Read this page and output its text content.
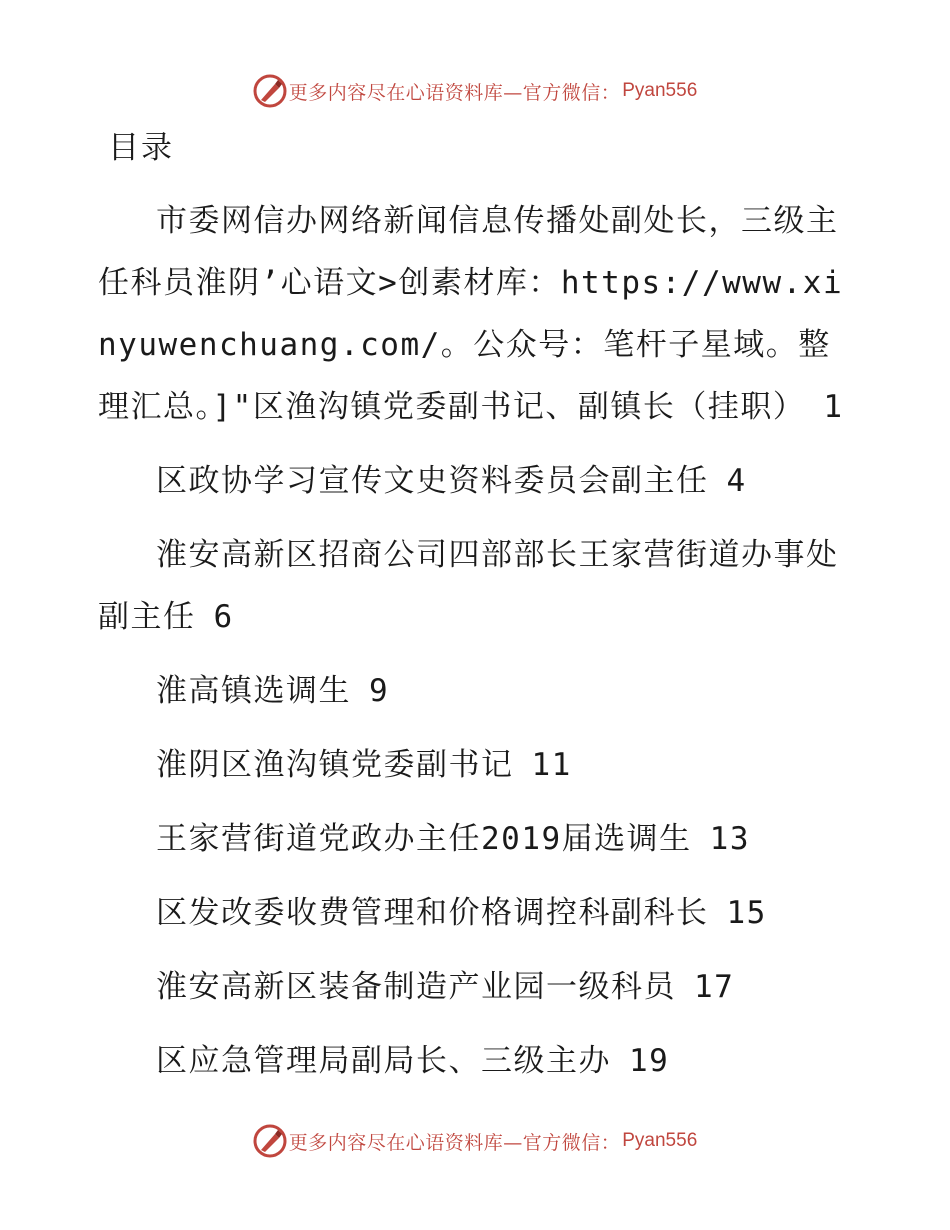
更多内容尽在心语资料库—官方微信： Pyan556
目录
市委网信办网络新闻信息传播处副处长，三级主任科员淮阴’心语文>创素材库：https://www.xinyuwenchuang.com/。公众号：笔杆子星域。整理汇总。]"区渔沟镇党委副书记、副镇长（挂职） 1
区政协学习宣传文史资料委员会副主任 4
淮安高新区招商公司四部部长王家营街道办事处副主任 6
淮高镇选调生 9
淮阴区渔沟镇党委副书记 11
王家营街道党政办主任2019届选调生 13
区发改委收费管理和价格调控科副科长 15
淮安高新区装备制造产业园一级科员 17
区应急管理局副局长、三级主办 19
更多内容尽在心语资料库—官方微信： Pyan556
